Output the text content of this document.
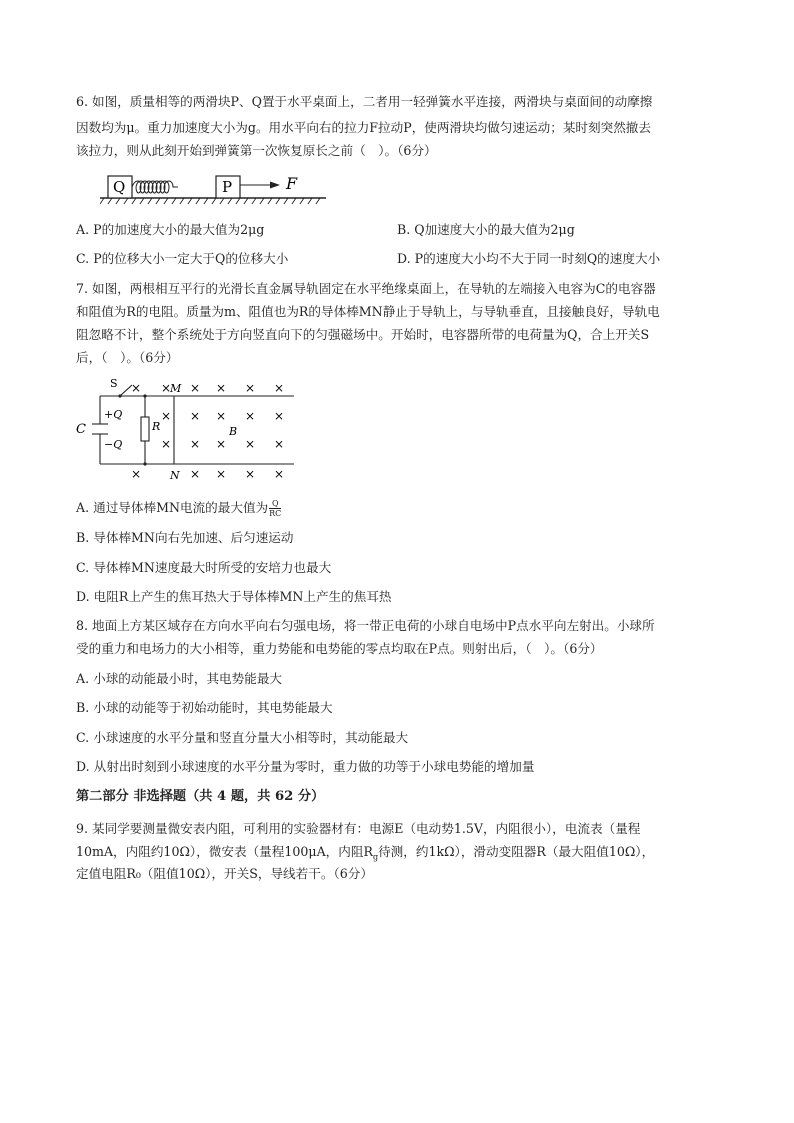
6. 如图，质量相等的两滑块P、Q置于水平桌面上，二者用一轻弹簧水平连接，两滑块与桌面间的动摩擦
因数均为μ。重力加速度大小为g。用水平向右的拉力F拉动P，使两滑块均做匀速运动；某时刻突然撤去
该拉力，则从此刻开始到弹簧第一次恢复原长之前（　）。（6分）
Q	P	F
A. P的加速度大小的最大值为2μg	B. Q加速度大小的最大值为2μg
C. P的位移大小一定大于Q的位移大小	D. P的速度大小均不大于同一时刻Q的速度大小
7. 如图，两根相互平行的光滑长直金属导轨固定在水平绝缘桌面上，在导轨的左端接入电容为C的电容器
和阻值为R的电阻。质量为m、阻值也为R的导体棒MN静止于导轨上，与导轨垂直，且接触良好，导轨电
阻忽略不计，整个系统处于方向竖直向下的匀强磁场中。开始时，电容器所带的电荷量为Q，合上开关S
后，（　）。（6分）
S
+Q
−Q
C	R
M
N
B
× × × × × ×
× × × × ×
× × × × ×
×	× × × ×
A. 通过导体棒MN电流的最大值为 $\frac{Q}{RC}$
B. 导体棒MN向右先加速、后匀速运动
C. 导体棒MN速度最大时所受的安培力也最大
D. 电阻R上产生的焦耳热大于导体棒MN上产生的焦耳热
8. 地面上方某区域存在方向水平向右匀强电场，将一带正电荷的小球自电场中P点水平向左射出。小球所
受的重力和电场力的大小相等，重力势能和电势能的零点均取在P点。则射出后，（　）。（6分）
A. 小球的动能最小时，其电势能最大
B. 小球的动能等于初始动能时，其电势能最大
C. 小球速度的水平分量和竖直分量大小相等时，其动能最大
D. 从射出时刻到小球速度的水平分量为零时，重力做的功等于小球电势能的增加量
第二部分 非选择题（共 4 题，共 62 分）
9. 某同学要测量微安表内阻，可利用的实验器材有：电源E（电动势1.5V，内阻很小），电流表（量程
10mA，内阻约10Ω），微安表（量程100μA，内阻$R_g$待测，约1kΩ），滑动变阻器R（最大阻值10Ω），
定值电阻R₀（阻值10Ω），开关S，导线若干。（6分）
